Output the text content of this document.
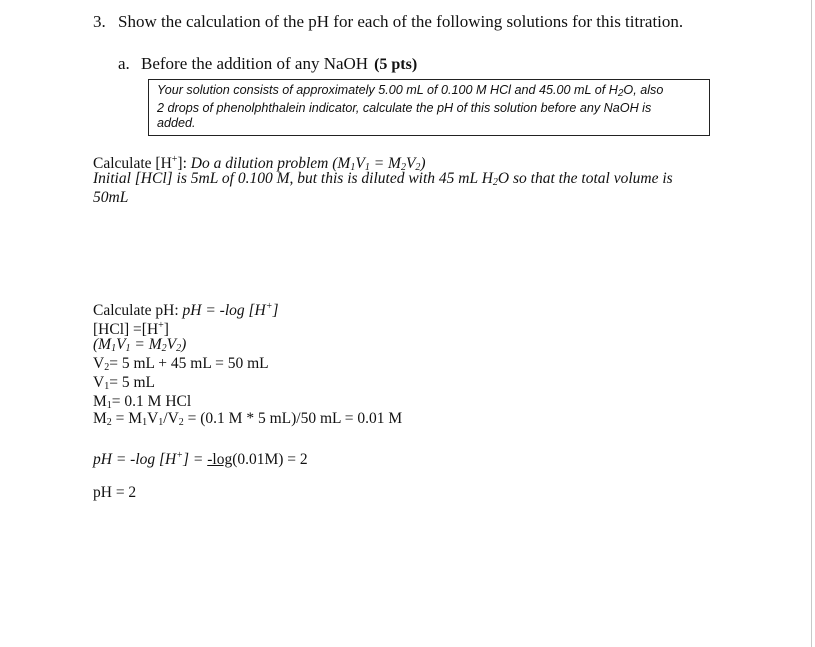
3. Show the calculation of the pH for each of the following solutions for this titration.
a. Before the addition of any NaOH (5 pts)
Your solution consists of approximately 5.00 mL of 0.100 M HCl and 45.00 mL of $H_2O$, also
2 drops of phenolphthalein indicator, calculate the pH of this solution before any NaOH is
added.
Calculate [H+]: Do a dilution problem $(M_1V_1 = M_2V_2)$
Initial [HCl] is 5mL of 0.100 M, but this is diluted with 45 mL $H_2O$ so that the total volume is
50mL
Calculate pH: pH = -log [H+]
[HCl] =[H+]
$(M_1V_1 = M_2V_2)$
$V_2= 5$ mL + 45 mL = 50 mL
$V_1= 5$ mL
$M_1= 0.1$ M HCl
$M_2 = M_1V_1/V_2 = (0.1$ M * 5 mL)/50 mL = 0.01 M
pH = -log [H+] = -log(0.01M) = 2
pH = 2
